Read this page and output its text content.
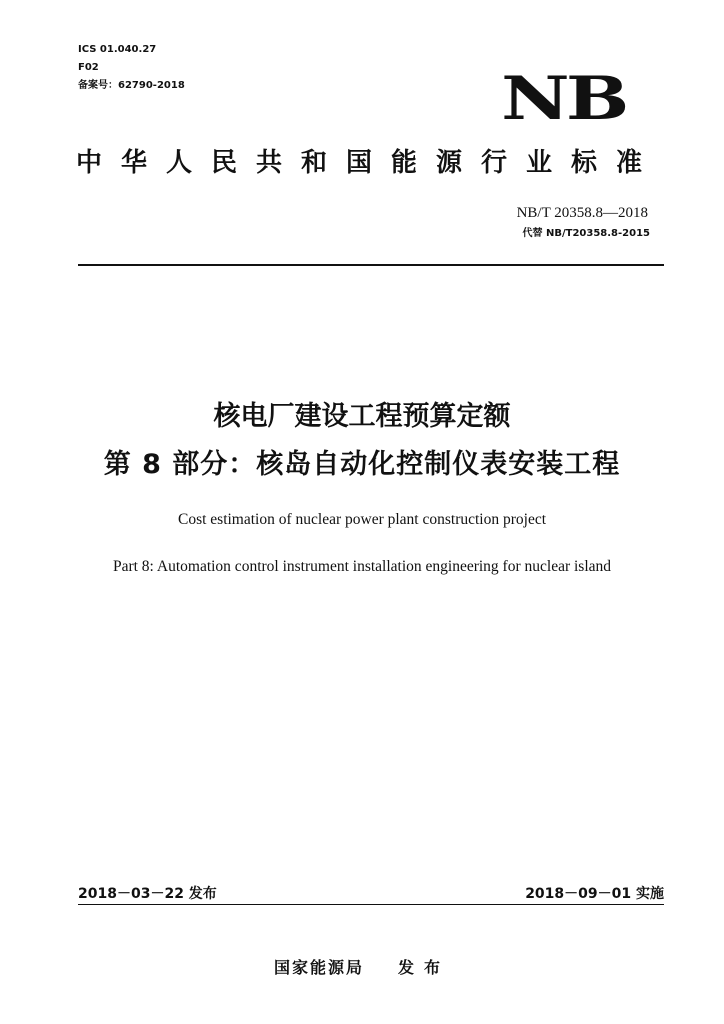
ICS 01.040.27
F02
备案号：62790-2018	NB
中华人民共和国能源行业标准
NB/T 20358.8—2018
代替 NB/T20358.8-2015
核电厂建设工程预算定额
第 8 部分：核岛自动化控制仪表安装工程
Cost estimation of nuclear power plant construction project
Part 8: Automation control instrument installation engineering for nuclear island
2018－03－22 发布	2018－09－01 实施
国家能源局 发布
